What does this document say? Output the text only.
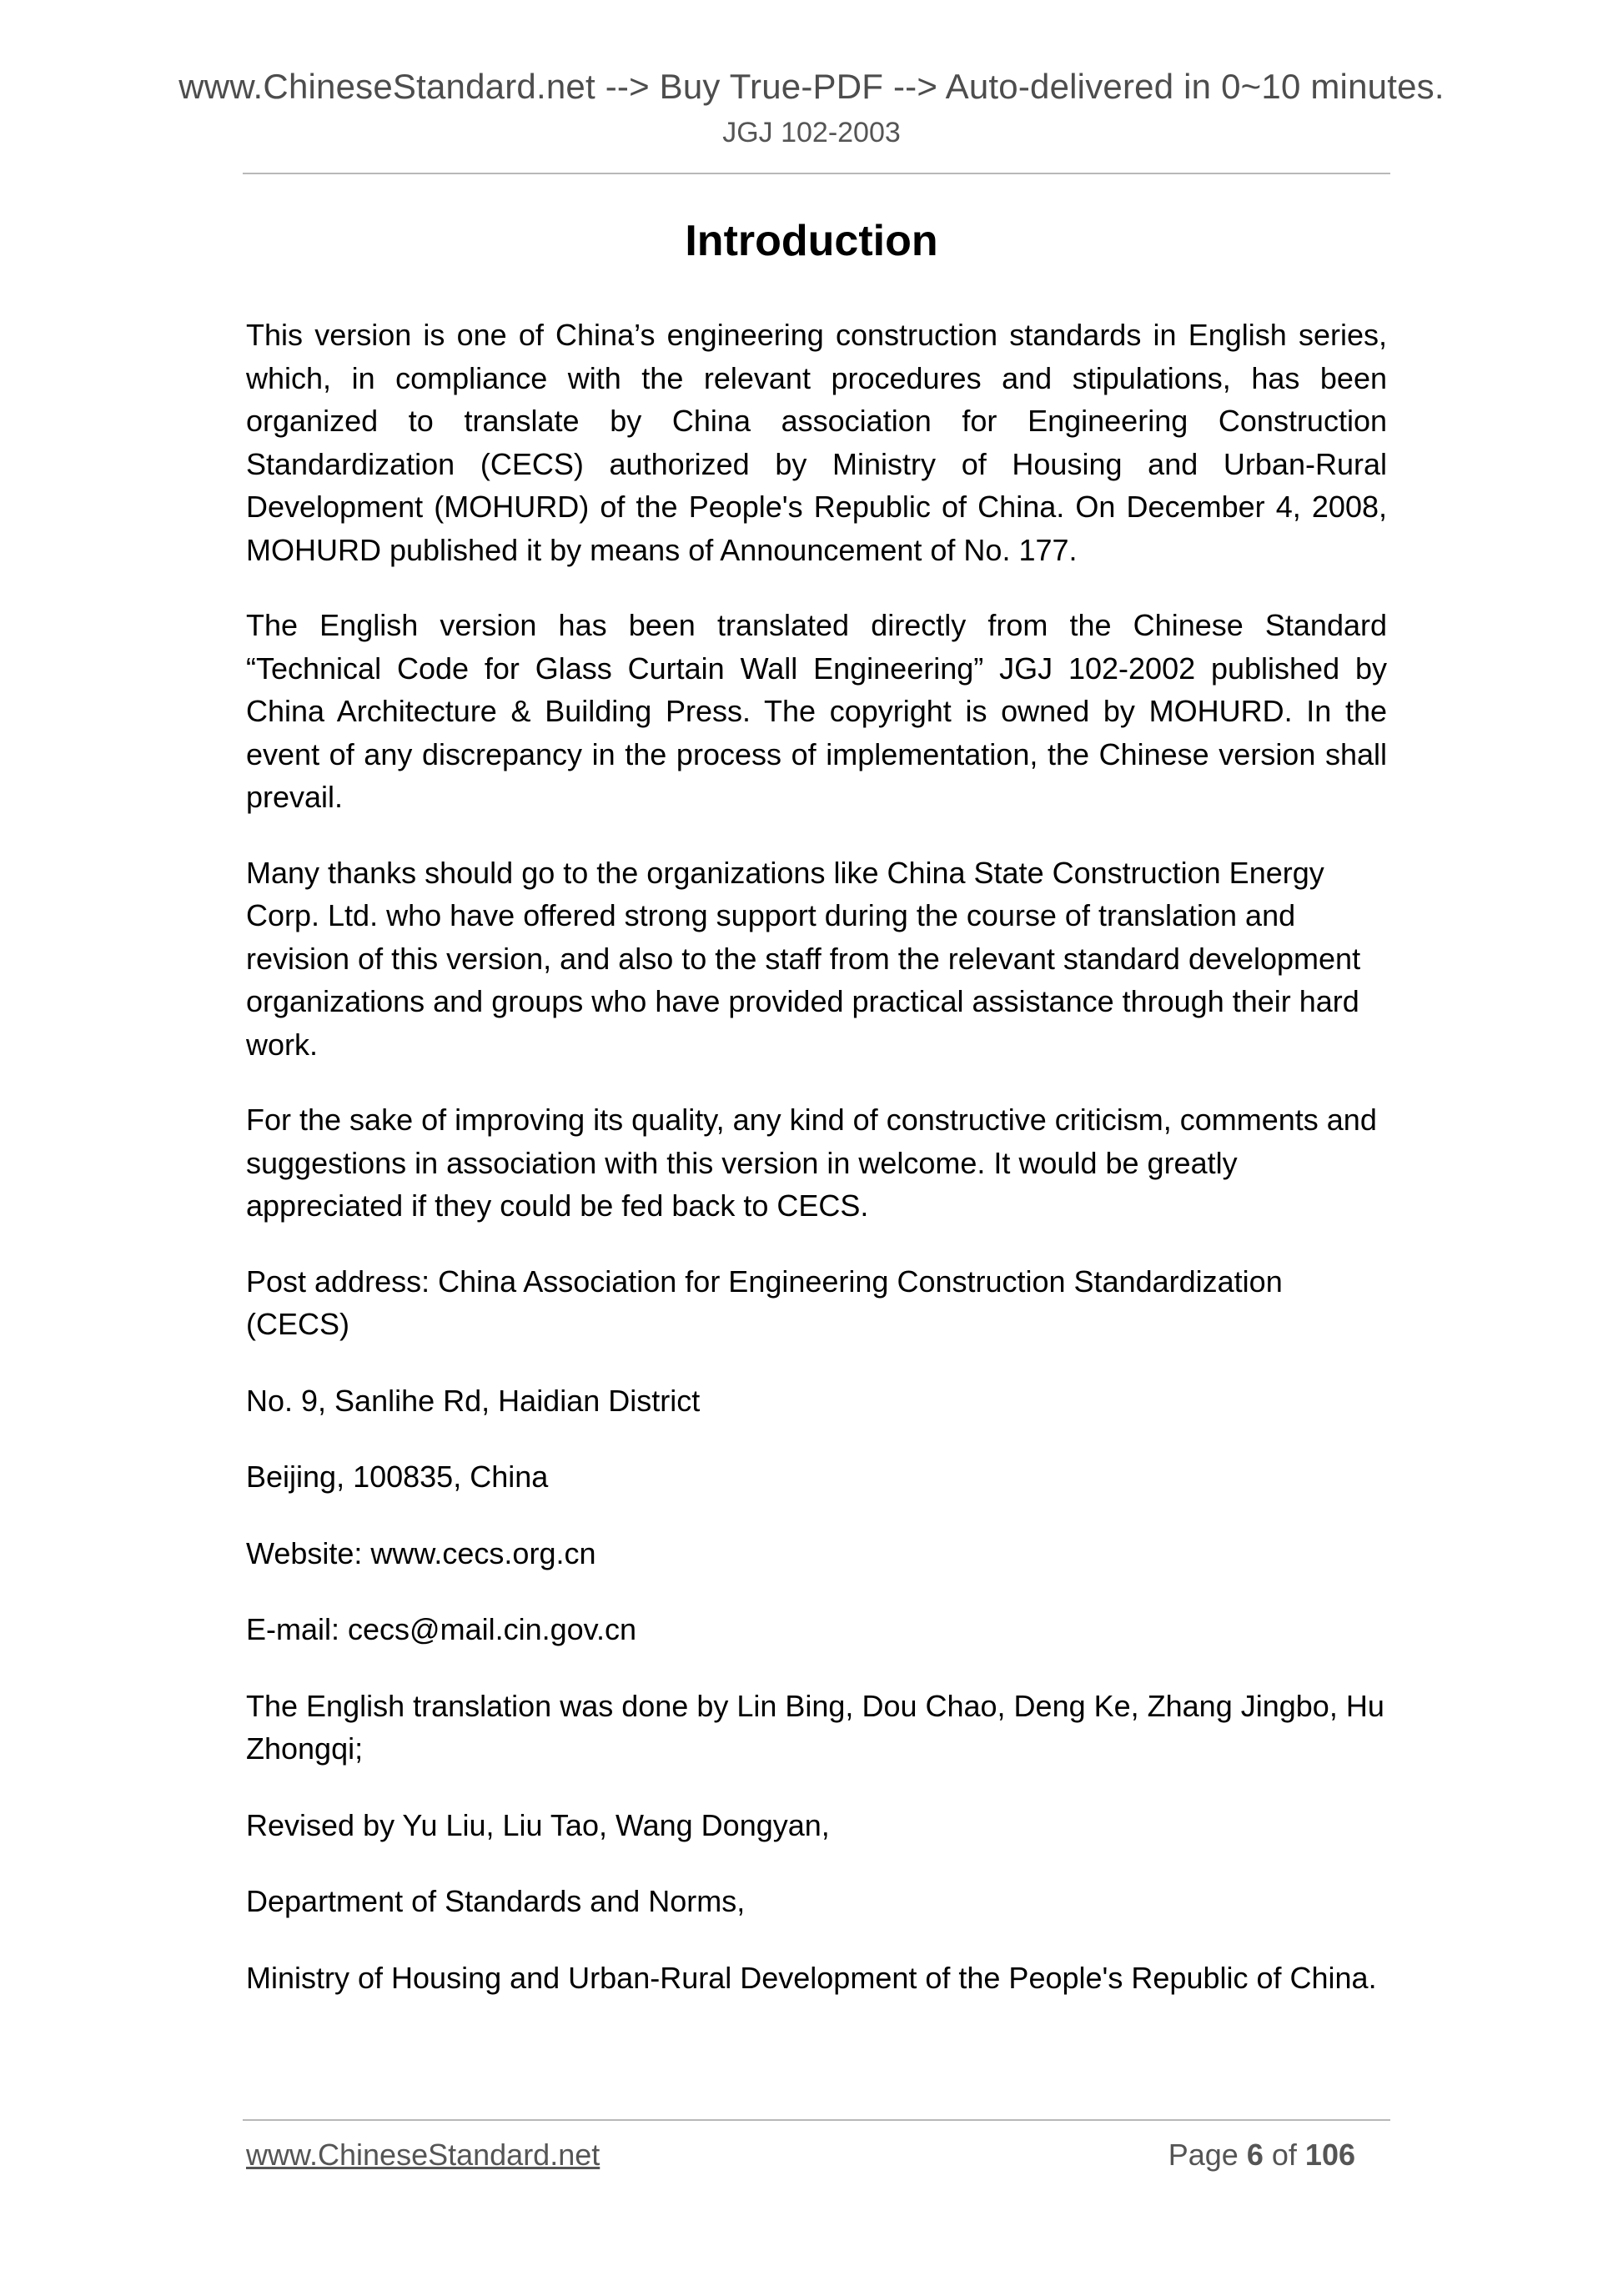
www.ChineseStandard.net --> Buy True-PDF --> Auto-delivered in 0~10 minutes.
JGJ 102-2003
Introduction

This version is one of China’s engineering construction standards in English series, which, in compliance with the relevant procedures and stipulations, has been organized to translate by China association for Engineering Construction Standardization (CECS) authorized by Ministry of Housing and Urban-Rural Development (MOHURD) of the People's Republic of China. On December 4, 2008, MOHURD published it by means of Announcement of No. 177.

The English version has been translated directly from the Chinese Standard “Technical Code for Glass Curtain Wall Engineering” JGJ 102-2002 published by China Architecture & Building Press. The copyright is owned by MOHURD. In the event of any discrepancy in the process of implementation, the Chinese version shall prevail.

Many thanks should go to the organizations like China State Construction Energy Corp. Ltd. who have offered strong support during the course of translation and revision of this version, and also to the staff from the relevant standard development organizations and groups who have provided practical assistance through their hard work.

For the sake of improving its quality, any kind of constructive criticism, comments and suggestions in association with this version in welcome. It would be greatly appreciated if they could be fed back to CECS.

Post address: China Association for Engineering Construction Standardization (CECS)

No. 9, Sanlihe Rd, Haidian District

Beijing, 100835, China

Website: www.cecs.org.cn

E-mail: cecs@mail.cin.gov.cn

The English translation was done by Lin Bing, Dou Chao, Deng Ke, Zhang Jingbo, Hu Zhongqi;

Revised by Yu Liu, Liu Tao, Wang Dongyan,

Department of Standards and Norms,

Ministry of Housing and Urban-Rural Development of the People's Republic of China.

www.ChineseStandard.net	Page 6 of 106
